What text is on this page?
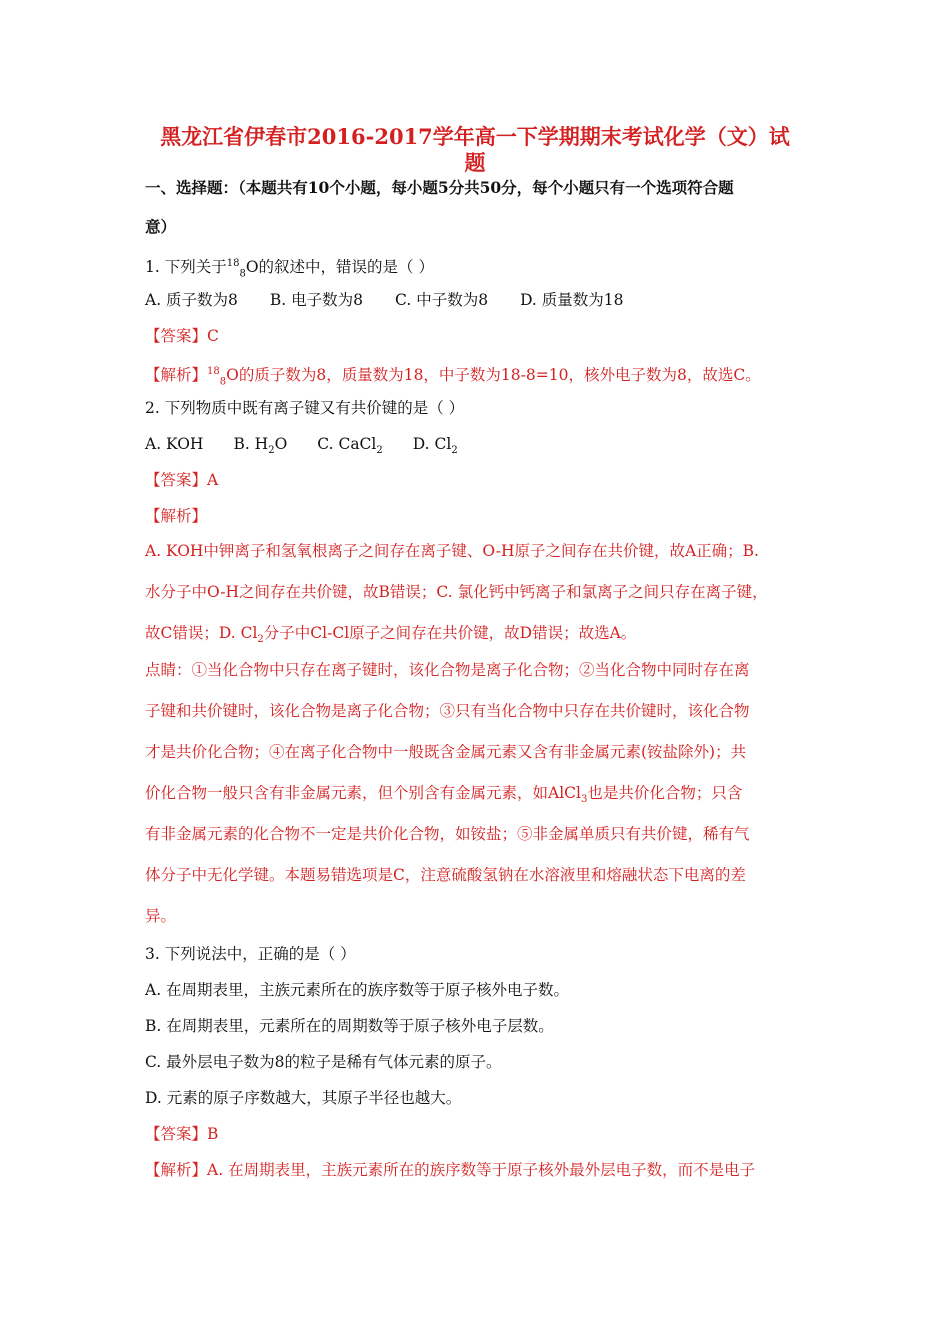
黑龙江省伊春市2016-2017学年高一下学期期末考试化学（文）试
题
一、选择题：（本题共有10个小题，每小题5分共50分，每个小题只有一个选项符合题
意）
1. 下列关于$^{18}_8$O的叙述中，错误的是（ ）
A. 质子数为8 B. 电子数为8 C. 中子数为8 D. 质量数为18
【答案】C
【解析】$^{18}_8$O的质子数为8，质量数为18，中子数为18-8=10，核外电子数为8，故选C。
2. 下列物质中既有离子键又有共价键的是（ ）
A. KOH B. $H_2O$ C. CaCl$_2$ D. $Cl_2$
【答案】A
【解析】
A. KOH中钾离子和氢氧根离子之间存在离子键、O-H原子之间存在共价键，故A正确；B.
水分子中O-H之间存在共价键，故B错误；C. 氯化钙中钙离子和氯离子之间只存在离子键，
故C错误；D. $Cl_2$分子中Cl-Cl原子之间存在共价键，故D错误；故选A。
点睛：①当化合物中只存在离子键时，该化合物是离子化合物；②当化合物中同时存在离
子键和共价键时，该化合物是离子化合物；③只有当化合物中只存在共价键时，该化合物
才是共价化合物；④在离子化合物中一般既含金属元素又含有非金属元素(铵盐除外)；共
价化合物一般只含有非金属元素，但个别含有金属元素，如AlCl$_3$也是共价化合物；只含
有非金属元素的化合物不一定是共价化合物，如铵盐；⑤非金属单质只有共价键，稀有气
体分子中无化学键。本题易错选项是C，注意硫酸氢钠在水溶液里和熔融状态下电离的差
异。
3. 下列说法中，正确的是（ ）
A. 在周期表里，主族元素所在的族序数等于原子核外电子数。
B. 在周期表里，元素所在的周期数等于原子核外电子层数。
C. 最外层电子数为8的粒子是稀有气体元素的原子。
D. 元素的原子序数越大，其原子半径也越大。
【答案】B
【解析】A. 在周期表里，主族元素所在的族序数等于原子核外最外层电子数，而不是电子
